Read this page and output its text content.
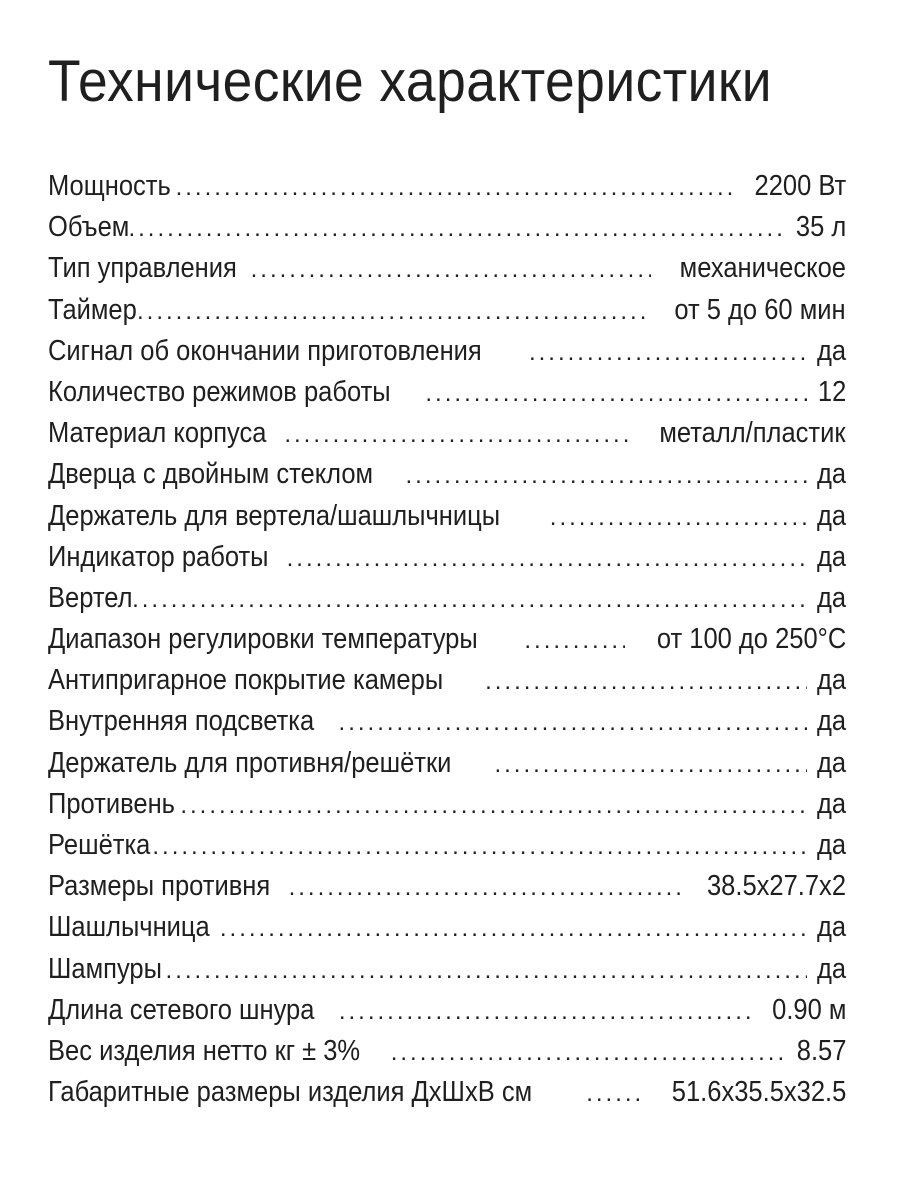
Технические характеристики
Мощность .....	2200 Вт
Объем .....	35 л
Тип управления .....	механическое
Таймер .....	от 5 до 60 мин
Сигнал об окончании приготовления .....	да
Количество режимов работы .....	12
Материал корпуса .....	металл/пластик
Дверца с двойным стеклом .....	да
Держатель для вертела/шашлычницы .....	да
Индикатор работы .....	да
Вертел .....	да
Диапазон регулировки температуры .....	от 100 до 250°С
Антипригарное покрытие камеры .....	да
Внутренняя подсветка .....	да
Держатель для противня/решётки .....	да
Противень .....	да
Решётка .....	да
Размеры противня .....	38.5x27.7x2
Шашлычница .....	да
Шампуры .....	да
Длина сетевого шнура .....	0.90 м
Вес изделия нетто кг ± 3% .....	8.57
Габаритные размеры изделия ДхШхВ см .....	51.6x35.5x32.5
